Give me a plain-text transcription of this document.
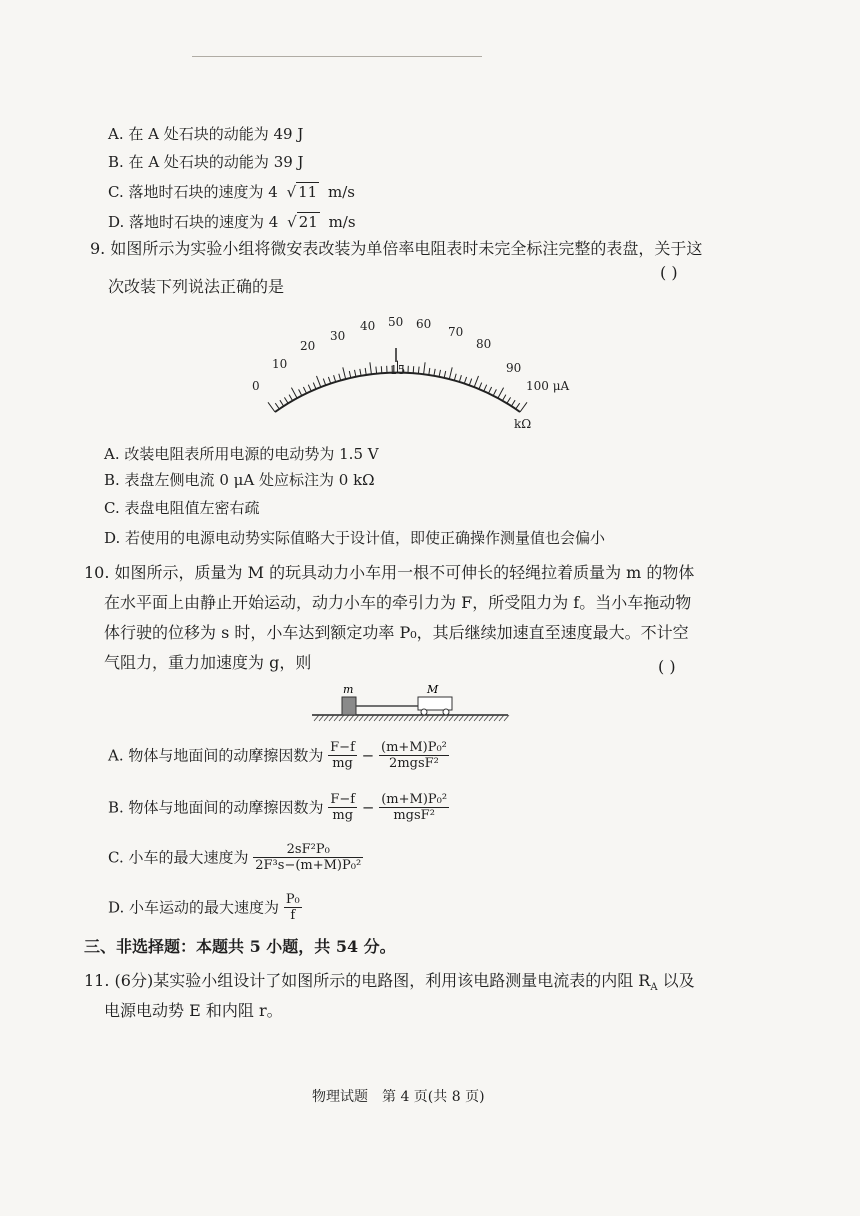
A. 在 A 处石块的动能为 49 J
B. 在 A 处石块的动能为 39 J
C. 落地时石块的速度为 4 √ 11 m/s
D. 落地时石块的速度为 4 √ 21 m/s
9. 如图所示为实验小组将微安表改装为单倍率电阻表时未完全标注完整的表盘，关于这
次改装下列说法正确的是
( )
0
10
20
30
40 50 60
70
80
90
100 μA
15
kΩ
A. 改装电阻表所用电源的电动势为 1.5 V
B. 表盘左侧电流 0 μA 处应标注为 0 kΩ
C. 表盘电阻值左密右疏
D. 若使用的电源电动势实际值略大于设计值，即使正确操作测量值也会偏小
10. 如图所示，质量为 M 的玩具动力小车用一根不可伸长的轻绳拉着质量为 m 的物体
在水平面上由静止开始运动，动力小车的牵引力为 F，所受阻力为 f。当小车拖动物
体行驶的位移为 s 时，小车达到额定功率 P₀，其后继续加速直至速度最大。不计空
气阻力，重力加速度为 g，则	( )
m	M
A. 物体与地面间的动摩擦因数为 $\frac{F-f}{mg} - \frac{\text{(m+M)P₀²}}{\text{2mgsF²}}$
B. 物体与地面间的动摩擦因数为 $\frac{F-f}{mg} - \frac{\text{(m+M)P₀²}}{\text{mgsF²}}$
C. 小车的最大速度为 $\frac{\text{2sF²P₀}}{\text{2F³s−(m+M)P₀²}}$
D. 小车运动的最大速度为 $\frac{\text{P₀}}{f}$
三、非选择题：本题共 5 小题，共 54 分。
11. (6分)某实验小组设计了如图所示的电路图，利用该电路测量电流表的内阻 $R_A$ 以及
电源电动势 E 和内阻 r。
物理试题　第 4 页(共 8 页)
